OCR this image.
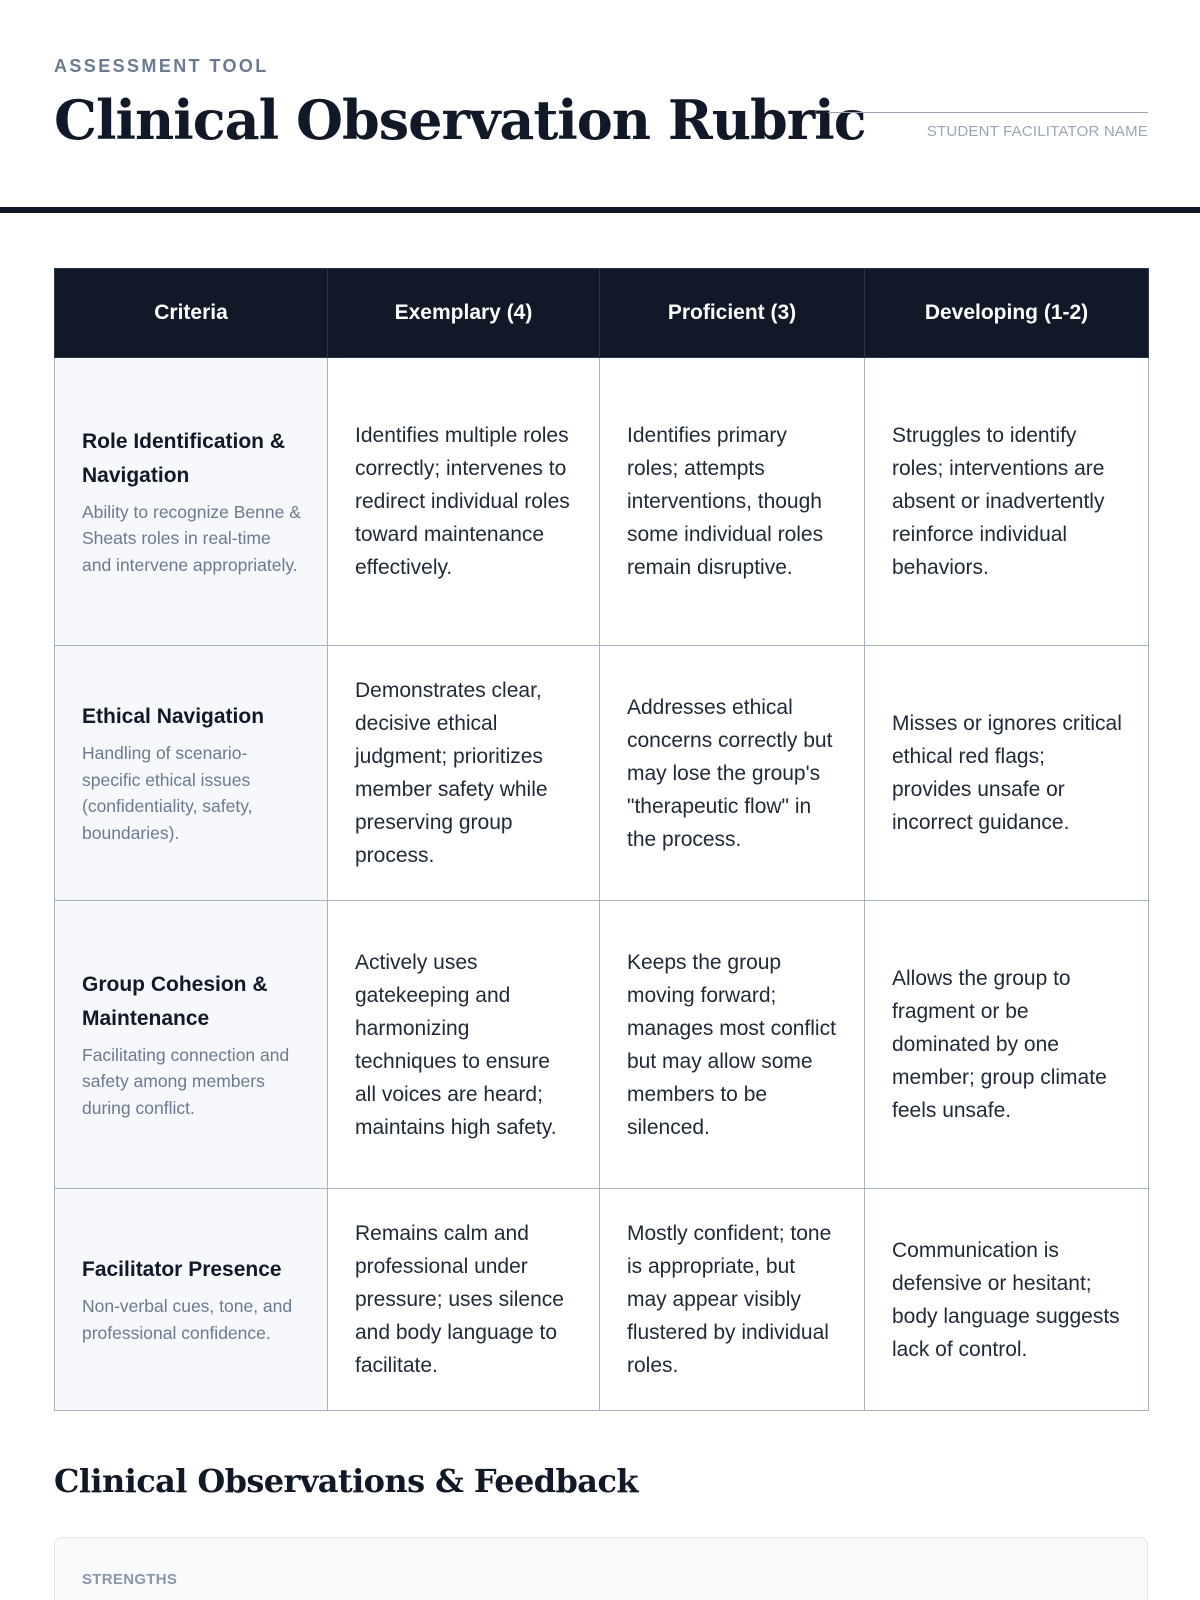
ASSESSMENT TOOL
Clinical Observation Rubric	STUDENT FACILITATOR NAME
Criteria	Exemplary (4)	Proficient (3)	Developing (1-2)

Role Identification & Navigation
Ability to recognize Benne & Sheats roles in real-time and intervene appropriately.	Identifies multiple roles correctly; intervenes to redirect individual roles toward maintenance effectively.	Identifies primary roles; attempts interventions, though some individual roles remain disruptive.	Struggles to identify roles; interventions are absent or inadvertently reinforce individual behaviors.

Ethical Navigation
Handling of scenario-specific ethical issues (confidentiality, safety, boundaries).	Demonstrates clear, decisive ethical judgment; prioritizes member safety while preserving group process.	Addresses ethical concerns correctly but may lose the group's "therapeutic flow" in the process.	Misses or ignores critical ethical red flags; provides unsafe or incorrect guidance.

Group Cohesion & Maintenance
Facilitating connection and safety among members during conflict.	Actively uses gatekeeping and harmonizing techniques to ensure all voices are heard; maintains high safety.	Keeps the group moving forward; manages most conflict but may allow some members to be silenced.	Allows the group to fragment or be dominated by one member; group climate feels unsafe.

Facilitator Presence
Non-verbal cues, tone, and professional confidence.	Remains calm and professional under pressure; uses silence and body language to facilitate.	Mostly confident; tone is appropriate, but may appear visibly flustered by individual roles.	Communication is defensive or hesitant; body language suggests lack of control.
Clinical Observations & Feedback
STRENGTHS
